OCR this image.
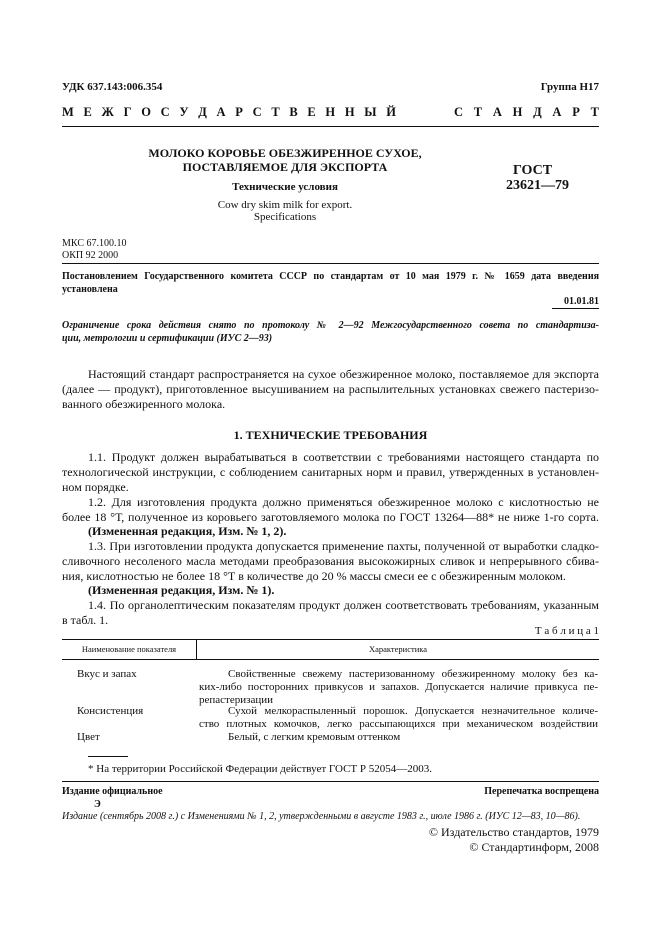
УДК 637.143:006.354	Группа Н17
М Е Ж Г О С У Д А Р С Т В Е Н Н Ы Й	С Т А Н Д А Р Т
МОЛОКО КОРОВЬЕ ОБЕЗЖИРЕННОЕ СУХОЕ,
ПОСТАВЛЯЕМОЕ ДЛЯ ЭКСПОРТА
Технические условия
Cow dry skim milk for export.
Specifications
ГОСТ
23621—79
МКС 67.100.10
ОКП 92 2000
Постановлением Государственного комитета СССР по стандартам от 10 мая 1979 г. № 1659 дата введения
установлена
01.01.81
Ограничение срока действия снято по протоколу № 2—92 Межгосударственного совета по стандартиза-
ции, метрологии и сертификации (ИУС 2—93)
Настоящий стандарт распространяется на сухое обезжиренное молоко, поставляемое для экспорта
(далее — продукт), приготовленное высушиванием на распылительных установках свежего пастеризо-
ванного обезжиренного молока.
1. ТЕХНИЧЕСКИЕ ТРЕБОВАНИЯ
1.1. Продукт должен вырабатываться в соответствии с требованиями настоящего стандарта по
технологической инструкции, с соблюдением санитарных норм и правил, утвержденных в установлен-
ном порядке.
1.2. Для изготовления продукта должно применяться обезжиренное молоко с кислотностью не
более 18 °Т, полученное из коровьего заготовляемого молока по ГОСТ 13264—88* не ниже 1-го сорта.
(Измененная редакция, Изм. № 1, 2).
1.3. При изготовлении продукта допускается применение пахты, полученной от выработки сладко-
сливочного несоленого масла методами преобразования высокожирных сливок и непрерывного сбива-
ния, кислотностью не более 18 °Т в количестве до 20 % массы смеси ее с обезжиренным молоком.
(Измененная редакция, Изм. № 1).
1.4. По органолептическим показателям продукт должен соответствовать требованиям, указанным
в табл. 1.
Т а б л и ц а 1
Наименование показателя	Характеристика
Вкус и запах	Свойственные свежему пастеризованному обезжиренному молоку без ка-
ких-либо посторонних привкусов и запахов. Допускается наличие привкуса пе-
репастеризации
Консистенция	Сухой мелкораспыленный порошок. Допускается незначительное количе-
ство плотных комочков, легко рассыпающихся при механическом воздействии
Цвет	Белый, с легким кремовым оттенком
* На территории Российской Федерации действует ГОСТ Р 52054—2003.
Издание официальное	Перепечатка воспрещена
Э
Издание (сентябрь 2008 г.) с Изменениями № 1, 2, утвержденными в августе 1983 г., июле 1986 г. (ИУС 12—83, 10—86).
© Издательство стандартов, 1979
© Стандартинформ, 2008
